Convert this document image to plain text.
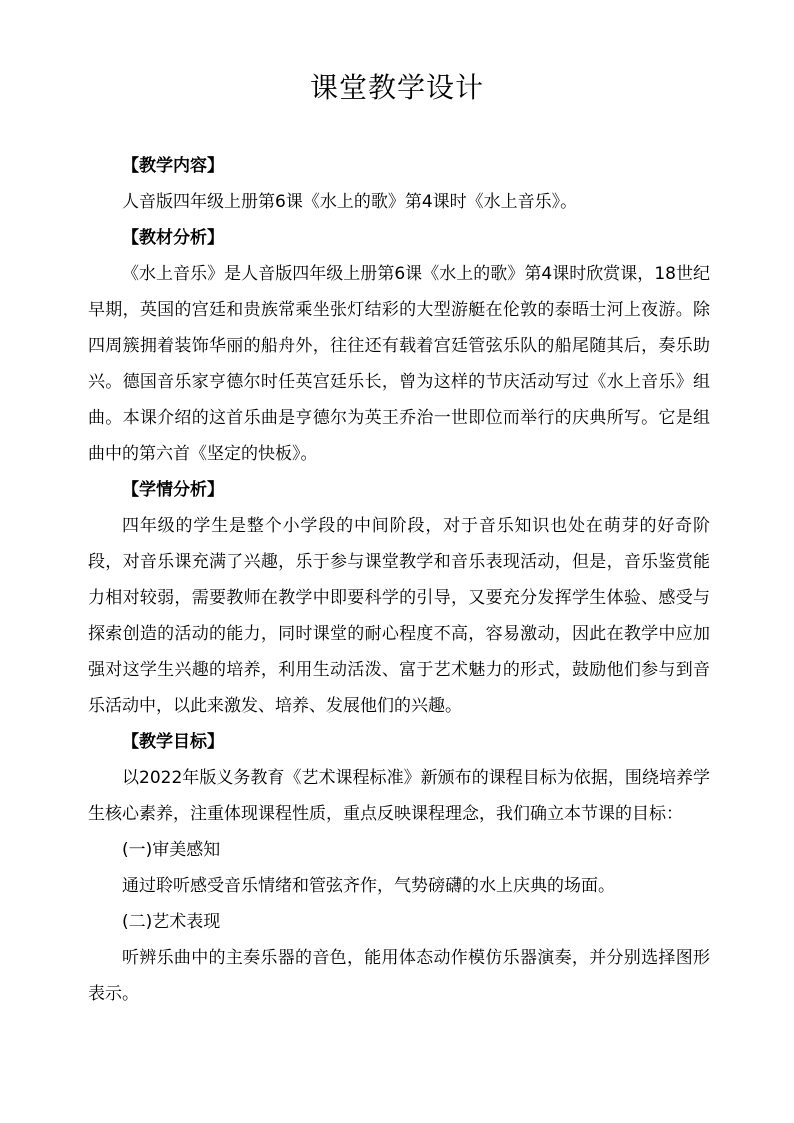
课堂教学设计

【教学内容】

人音版四年级上册第6课《水上的歌》第4课时《水上音乐》。

【教材分析】

《水上音乐》是人音版四年级上册第6课《水上的歌》第4课时欣赏课，18世纪早期，英国的宫廷和贵族常乘坐张灯结彩的大型游艇在伦敦的泰晤士河上夜游。除四周簇拥着装饰华丽的船舟外，往往还有载着宫廷管弦乐队的船尾随其后，奏乐助兴。德国音乐家亨德尔时任英宫廷乐长，曾为这样的节庆活动写过《水上音乐》组曲。本课介绍的这首乐曲是亨德尔为英王乔治一世即位而举行的庆典所写。它是组曲中的第六首《坚定的快板》。

【学情分析】

四年级的学生是整个小学段的中间阶段，对于音乐知识也处在萌芽的好奇阶段，对音乐课充满了兴趣，乐于参与课堂教学和音乐表现活动，但是，音乐鉴赏能力相对较弱，需要教师在教学中即要科学的引导，又要充分发挥学生体验、感受与探索创造的活动的能力，同时课堂的耐心程度不高，容易激动，因此在教学中应加强对这学生兴趣的培养，利用生动活泼、富于艺术魅力的形式，鼓励他们参与到音乐活动中，以此来激发、培养、发展他们的兴趣。

【教学目标】

以2022年版义务教育《艺术课程标准》新颁布的课程目标为依据，围绕培养学生核心素养，注重体现课程性质，重点反映课程理念，我们确立本节课的目标：

(一)审美感知

通过聆听感受音乐情绪和管弦齐作，气势磅礴的水上庆典的场面。

(二)艺术表现

听辨乐曲中的主奏乐器的音色，能用体态动作模仿乐器演奏，并分别选择图形表示。
